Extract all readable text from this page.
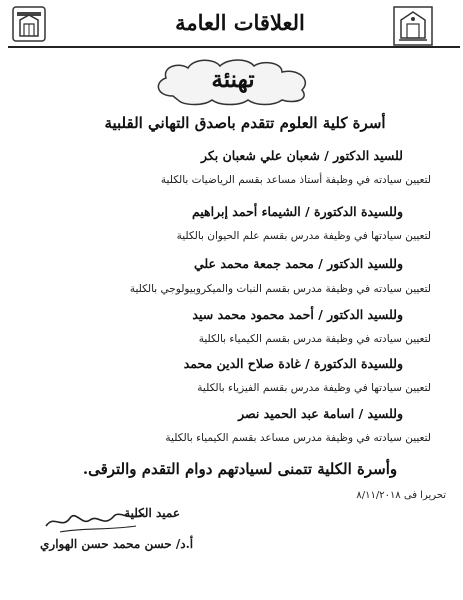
العلاقات العامة
تهنئة
أسرة كلية العلوم تتقدم باصدق التهاني القلبية
للسيد الدكتور / شعبان علي شعبان بكر
لتعيين سيادته في وظيفة أستاذ مساعد بقسم الرياضيات بالكلية
وللسيدة الدكتورة / الشيماء أحمد إبراهيم
لتعيين سيادتها في وظيفة مدرس بقسم علم الحيوان بالكلية
وللسيد الدكتور / محمد جمعة محمد علي
لتعيين سيادته في وظيفة مدرس بقسم النبات والميكروبيولوجي بالكلية
وللسيد الدكتور / أحمد محمود محمد سيد
لتعيين سيادته في وظيفة مدرس بقسم الكيمياء بالكلية
وللسيدة الدكتورة / غادة صلاح الدين محمد
لتعيين سيادتها في وظيفة مدرس بقسم الفيزياء بالكلية
وللسيد / اسامة عبد الحميد نصر
لتعيين سيادته في وظيفة مدرس مساعد بقسم الكيمياء بالكلية
وأسرة الكلية تتمنى لسيادتهم دوام التقدم والترقى.
تحريرا فى ٨/١١/٢٠١٨
عميد الكلية
أ.د/ حسن محمد حسن الهواري
